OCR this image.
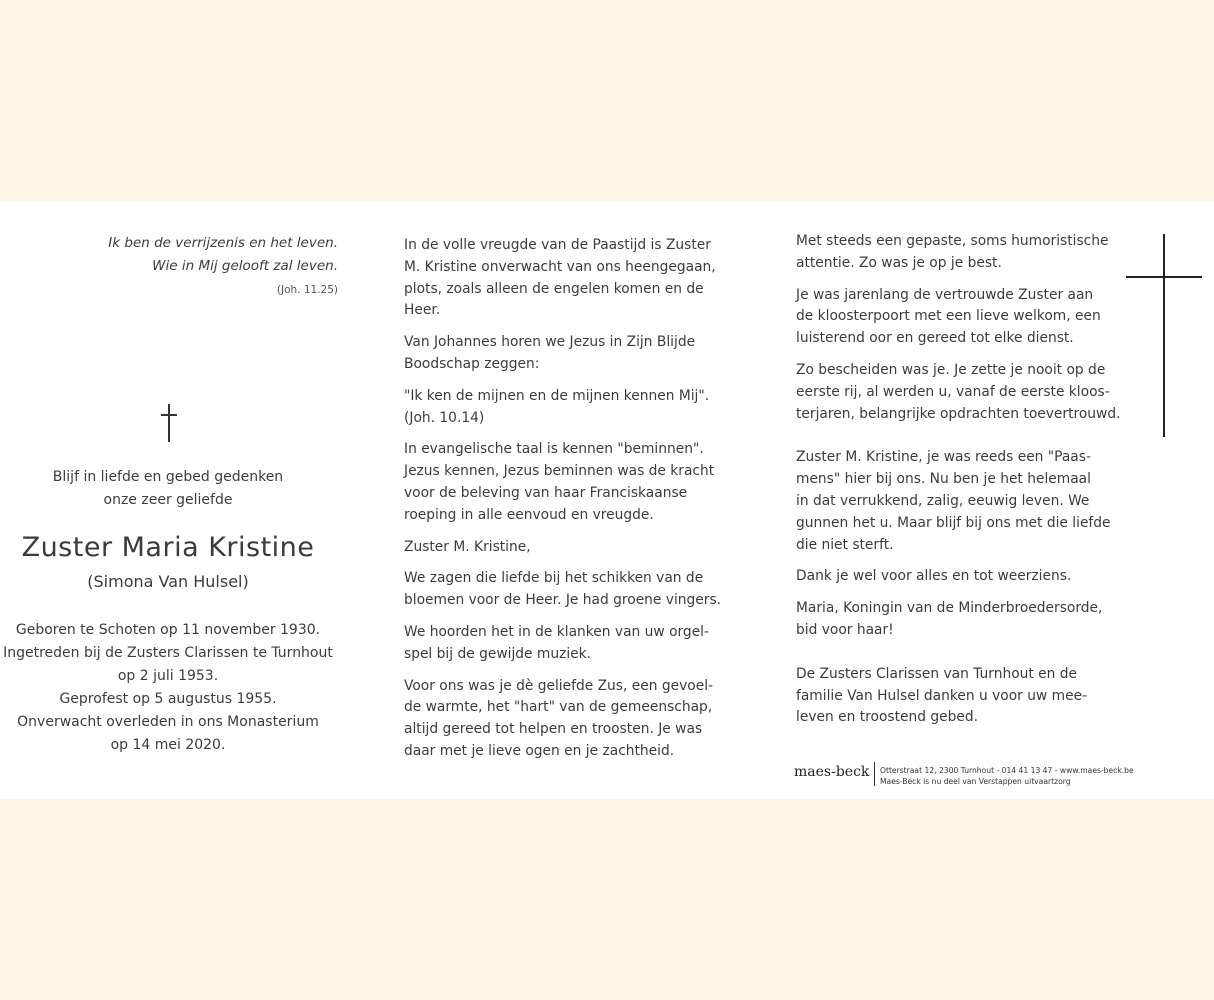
Ik ben de verrijzenis en het leven.
Wie in Mij gelooft zal leven.
(Joh. 11.25)
Blijf in liefde en gebed gedenken
onze zeer geliefde
Zuster Maria Kristine
(Simona Van Hulsel)
Geboren te Schoten op 11 november 1930.
Ingetreden bij de Zusters Clarissen te Turnhout
op 2 juli 1953.
Geprofest op 5 augustus 1955.
Onverwacht overleden in ons Monasterium
op 14 mei 2020.

In de volle vreugde van de Paastijd is Zuster
M. Kristine onverwacht van ons heengegaan,
plots, zoals alleen de engelen komen en de
Heer.

Van Johannes horen we Jezus in Zijn Blijde
Boodschap zeggen:

"Ik ken de mijnen en de mijnen kennen Mij".
(Joh. 10.14)

In evangelische taal is kennen "beminnen".
Jezus kennen, Jezus beminnen was de kracht
voor de beleving van haar Franciskaanse
roeping in alle eenvoud en vreugde.

Zuster M. Kristine,

We zagen die liefde bij het schikken van de
bloemen voor de Heer. Je had groene vingers.

We hoorden het in de klanken van uw orgel-
spel bij de gewijde muziek.

Voor ons was je dè geliefde Zus, een gevoel-
de warmte, het "hart" van de gemeenschap,
altijd gereed tot helpen en troosten. Je was
daar met je lieve ogen en je zachtheid.

Met steeds een gepaste, soms humoristische
attentie. Zo was je op je best.

Je was jarenlang de vertrouwde Zuster aan
de kloosterpoort met een lieve welkom, een
luisterend oor en gereed tot elke dienst.

Zo bescheiden was je. Je zette je nooit op de
eerste rij, al werden u, vanaf de eerste kloos-
terjaren, belangrijke opdrachten toevertrouwd.

Zuster M. Kristine, je was reeds een "Paas-
mens" hier bij ons. Nu ben je het helemaal
in dat verrukkend, zalig, eeuwig leven. We
gunnen het u. Maar blijf bij ons met die liefde
die niet sterft.

Dank je wel voor alles en tot weerziens.

Maria, Koningin van de Minderbroedersorde,
bid voor haar!

De Zusters Clarissen van Turnhout en de
familie Van Hulsel danken u voor uw mee-
leven en troostend gebed.

maes-beck Otterstraat 12, 2300 Turnhout - 014 41 13 47 - www.maes-beck.be
Maes-Beck is nu deel van Verstappen uitvaartzorg
